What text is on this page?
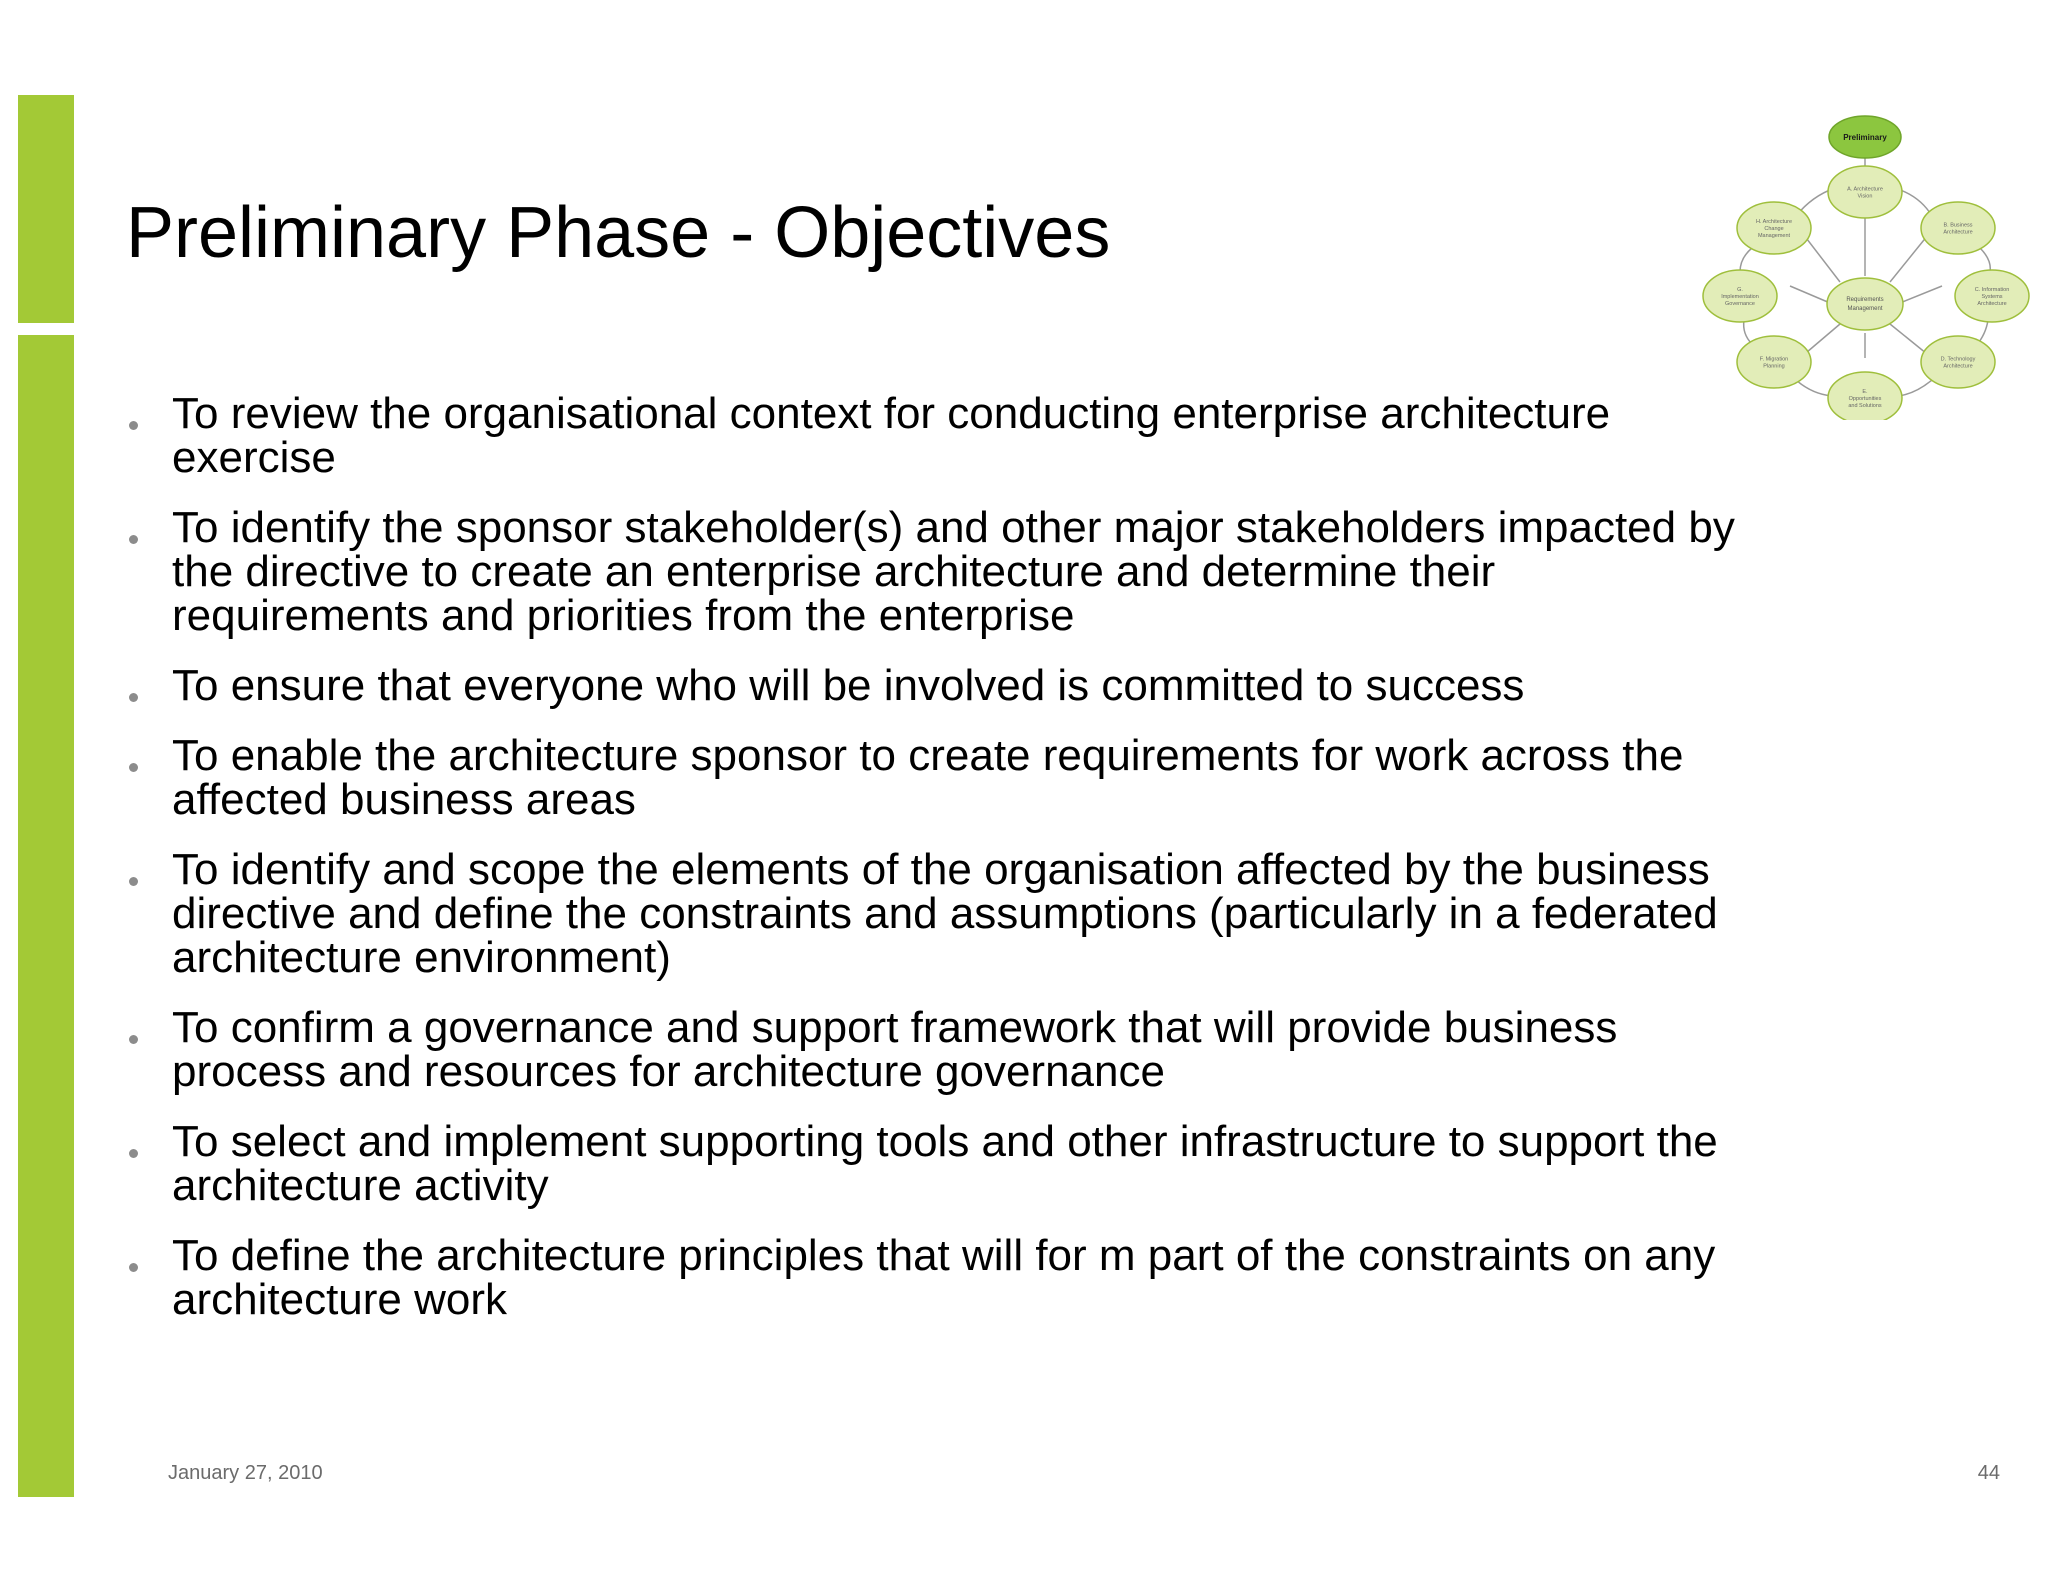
Preliminary Phase - Objectives
Preliminary
A. Architecture
Vision
B. Business
Architecture
C. Information
Systems
Architecture
D. Technology
Architecture
E.
Opportunities
and Solutions
F. Migration
Planning
G.
Implementation
Governance
H. Architecture
Change
Management
Requirements
Management
To review the organisational context for conducting enterprise architecture
exercise
To identify the sponsor stakeholder(s) and other major stakeholders impacted by
the directive to create an enterprise architecture and determine their
requirements and priorities from the enterprise
To ensure that everyone who will be involved is committed to success
To enable the architecture sponsor to create requirements for work across the
affected business areas
To identify and scope the elements of the organisation affected by the business
directive and define the constraints and assumptions (particularly in a federated
architecture environment)
To confirm a governance and support framework that will provide business
process and resources for architecture governance
To select and implement supporting tools and other infrastructure to support the
architecture activity
To define the architecture principles that will for m part of the constraints on any
architecture work
January 27, 2010	44
